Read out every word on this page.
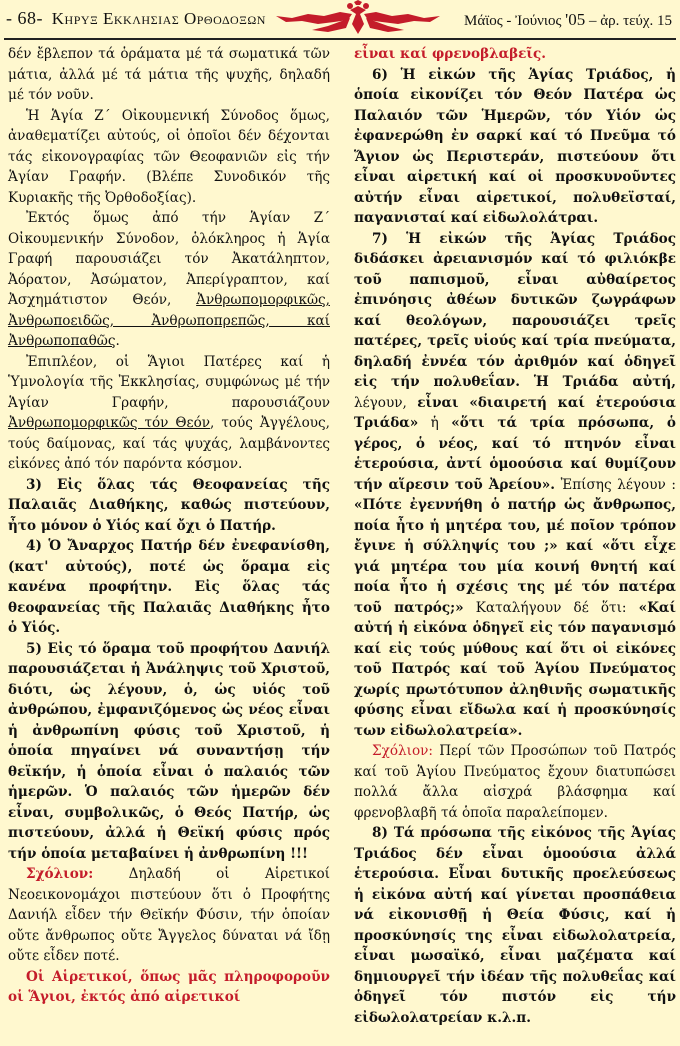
- 68- Κηρυξ Εκκλησιας Ορθοδοξων	Μάϊος - Ἰούνιος '05 – ἀρ. τεύχ. 15

δέν ἔβλεπον τά ὁράματα μέ τά σωματικά τῶν μάτια, ἀλλά μέ τά μάτια τῆς ψυχῆς, δηλαδή μέ τόν νοῦν.

Ἡ Ἁγία Ζ΄ Οἰκουμενική Σύνοδος ὅμως, ἀναθεματίζει αὐτούς, οἱ ὁποῖοι δέν δέχονται τάς εἰκονογραφίας τῶν Θεοφανιῶν εἰς τήν Ἁγίαν Γραφήν. (Βλέπε Συνοδικόν τῆς Κυριακῆς τῆς Ὀρθοδοξίας).

Ἐκτός ὅμως ἀπό τήν Ἁγίαν Ζ΄ Οἰκουμενικήν Σύνοδον, ὁλόκληρος ἡ Ἁγία Γραφή παρουσιάζει τόν Ἀκατάληπτον, Ἀόρατον, Ἀσώματον, Ἀπερίγραπτον, καί Ἀσχημάτιστον Θεόν, Ἀνθρωπομορφικῶς, Ἀνθρωποειδῶς, Ἀνθρωποπρεπῶς, καί Ἀνθρωποπαθῶς.

Ἐπιπλέον, οἱ Ἅγιοι Πατέρες καί ἡ Ὑμνολογία τῆς Ἐκκλησίας, συμφώνως μέ τήν Ἁγίαν Γραφήν, παρουσιάζουν Ἀνθρωπομορφικῶς τόν Θεόν, τούς Ἀγγέλους, τούς δαίμονας, καί τάς ψυχάς, λαμβάνοντες εἰκόνες ἀπό τόν παρόντα κόσμον.

3) Εἰς ὅλας τάς Θεοφανείας τῆς Παλαιᾶς Διαθήκης, καθώς πιστεύουν, ἦτο μόνον ὁ Υἱός καί ὄχι ὁ Πατήρ.

4) Ὁ Ἄναρχος Πατήρ δέν ἐνεφανίσθη, (κατ' αὐτούς), ποτέ ὡς ὅραμα εἰς κανένα προφήτην. Εἰς ὅλας τάς θεοφανείας τῆς Παλαιᾶς Διαθήκης ἦτο ὁ Υἱός.

5) Εἰς τό ὅραμα τοῦ προφήτου Δανιήλ παρουσιάζεται ἡ Ἀνάληψις τοῦ Χριστοῦ, διότι, ὡς λέγουν, ὁ, ὡς υἱός τοῦ ἀνθρώπου, ἐμφανιζόμενος ὡς νέος εἶναι ἡ ἀνθρωπίνη φύσις τοῦ Χριστοῦ, ἡ ὁποία πηγαίνει νά συναντήσῃ τήν θεϊκήν, ἡ ὁποία εἶναι ὁ παλαιός τῶν ἡμερῶν. Ὁ παλαιός τῶν ἡμερῶν δέν εἶναι, συμβολικῶς, ὁ Θεός Πατήρ, ὡς πιστεύουν, ἀλλά ἡ Θεϊκή φύσις πρός τήν ὁποία μεταβαίνει ἡ ἀνθρωπίνη !!!

Σχόλιον:	Δηλαδή οἱ Αἱρετικοί Νεοεικονομάχοι πιστεύουν ὅτι ὁ Προφήτης Δανιήλ εἶδεν τήν Θεϊκήν Φύσιν, τήν ὁποίαν οὔτε ἄνθρωπος οὔτε Ἄγγελος δύναται νά ἴδῃ οὔτε εἶδεν ποτέ.

Οἱ Αἱρετικοί, ὅπως μᾶς πληροφοροῦν οἱ Ἅγιοι, ἐκτός ἀπό αἱρετικοί

εἶναι καί φρενοβλαβεῖς.

6) Ἡ εἰκών τῆς Ἁγίας Τριάδος, ἡ ὁποία εἰκονίζει τόν Θεόν Πατέρα ὡς Παλαιόν τῶν Ἡμερῶν, τόν Υἱόν ὡς ἐφανερώθη ἐν σαρκί καί τό Πνεῦμα τό Ἅγιον ὡς Περιστεράν, πιστεύουν ὅτι εἶναι αἱρετική καί οἱ προσκυνοῦντες αὐτήν εἶναι αἱρετικοί, πολυθεϊσταί, παγανισταί καί εἰδωλολάτραι.

7) Ἡ εἰκών τῆς Ἁγίας Τριάδος διδάσκει ἀρειανισμόν καί τό φιλιόκβε τοῦ παπισμοῦ, εἶναι αὐθαίρετος ἐπινόησις ἀθέων δυτικῶν ζωγράφων καί θεολόγων, παρουσιάζει τρεῖς πατέρες, τρεῖς υἱούς καί τρία πνεύματα, δηλαδή ἐννέα τόν ἀριθμόν καί ὁδηγεῖ εἰς τήν πολυθεΐαν. Ἡ Τριάδα αὐτή, λέγουν, εἶναι «διαιρετή καί ἑτερούσια Τριάδα» ἡ «ὅτι τά τρία πρόσωπα, ὁ γέρος, ὁ νέος, καί τό πτηνόν εἶναι ἑτερούσια, ἀντί ὁμοούσια καί θυμίζουν τήν αἵρεσιν τοῦ Ἀρείου». Ἐπίσης λέγουν : «Πότε ἐγεννήθη ὁ πατήρ ὡς ἄνθρωπος, ποία ἦτο ἡ μητέρα του, μέ ποῖον τρόπον ἔγινε ἡ σύλληψίς του ;» καί «ὅτι εἶχε γιά μητέρα του μία κοινή θνητή καί ποία ἦτο ἡ σχέσις της μέ τόν πατέρα τοῦ πατρός;» Καταλήγουν δέ ὅτι: «Καί αὐτή ἡ εἰκόνα ὁδηγεῖ εἰς τόν παγανισμό καί εἰς τούς μύθους καί ὅτι οἱ εἰκόνες τοῦ Πατρός καί τοῦ Ἁγίου Πνεύματος χωρίς πρωτότυπον ἀληθινῆς σωματικῆς φύσης εἶναι εἴδωλα καί ἡ προσκύνησίς των εἰδωλολατρεία».

Σχόλιον: Περί τῶν Προσώπων τοῦ Πατρός καί τοῦ Ἁγίου Πνεύματος ἔχουν διατυπώσει πολλά ἄλλα αἰσχρά βλάσφημα καί φρενοβλαβῆ τά ὁποῖα παραλείπομεν.

8) Τά πρόσωπα τῆς εἰκόνος τῆς Ἁγίας Τριάδος δέν εἶναι ὁμοούσια ἀλλά ἑτερούσια. Εἶναι δυτικῆς προελεύσεως ἡ εἰκόνα αὐτή καί γίνεται προσπάθεια νά εἰκονισθῇ ἡ Θεία Φύσις, καί ἡ προσκύνησίς της εἶναι εἰδωλολατρεία, εἶναι μωσαϊκό, εἶναι μαζέματα καί δημιουργεῖ τήν ἰδέαν τῆς πολυθεΐας καί ὁδηγεῖ τόν πιστόν εἰς τήν εἰδωλολατρείαν κ.λ.π.
